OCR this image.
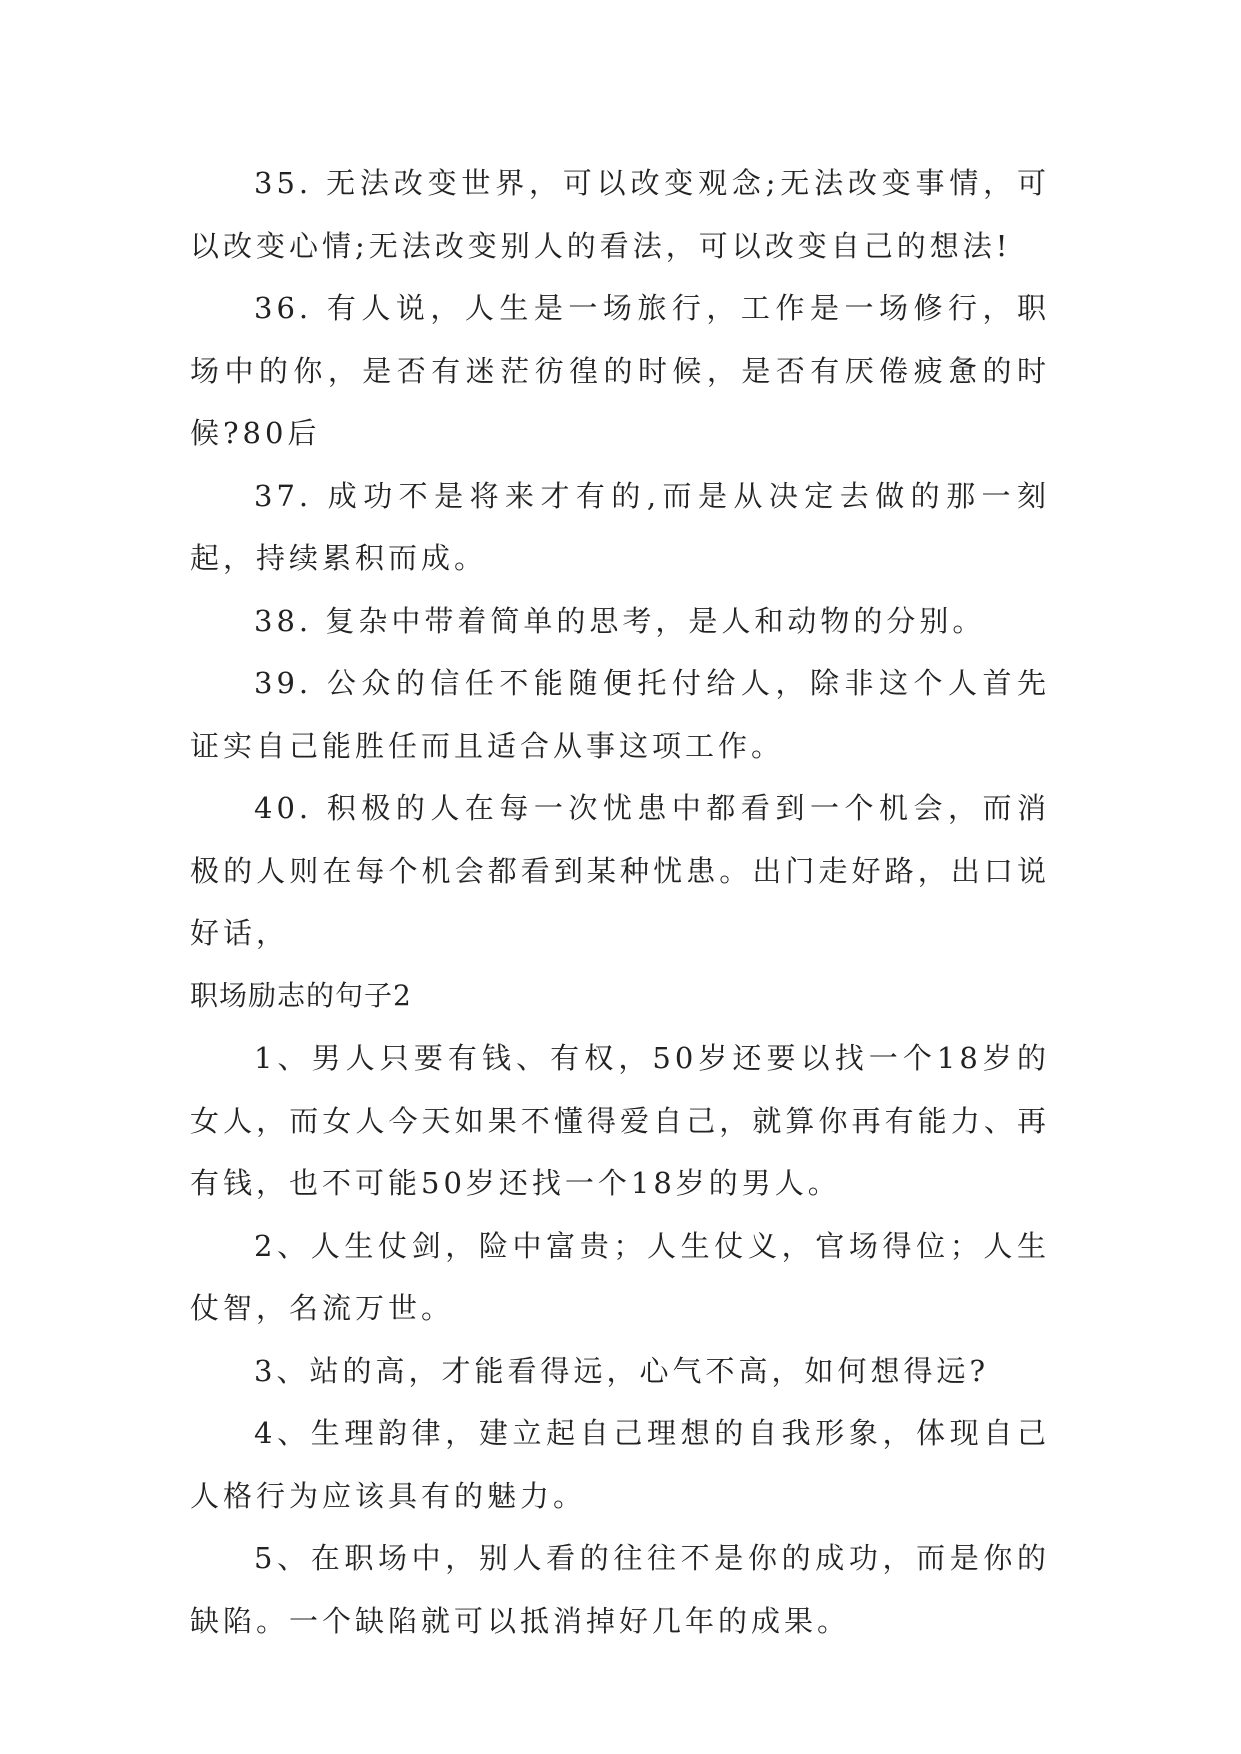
35. 无法改变世界，可以改变观念;无法改变事情，可以改变心情;无法改变别人的看法，可以改变自己的想法!

36. 有人说，人生是一场旅行，工作是一场修行，职场中的你，是否有迷茫彷徨的时候，是否有厌倦疲惫的时候?80后

37. 成功不是将来才有的,而是从决定去做的那一刻起，持续累积而成。

38. 复杂中带着简单的思考，是人和动物的分别。

39. 公众的信任不能随便托付给人，除非这个人首先证实自己能胜任而且适合从事这项工作。

40. 积极的人在每一次忧患中都看到一个机会，而消极的人则在每个机会都看到某种忧患。出门走好路，出口说好话，

职场励志的句子2

1、男人只要有钱、有权，50岁还要以找一个18岁的女人，而女人今天如果不懂得爱自己，就算你再有能力、再有钱，也不可能50岁还找一个18岁的男人。

2、人生仗剑，险中富贵；人生仗义，官场得位；人生仗智，名流万世。

3、站的高，才能看得远，心气不高，如何想得远?

4、生理韵律，建立起自己理想的自我形象，体现自己人格行为应该具有的魅力。

5、在职场中，别人看的往往不是你的成功，而是你的缺陷。一个缺陷就可以抵消掉好几年的成果。
